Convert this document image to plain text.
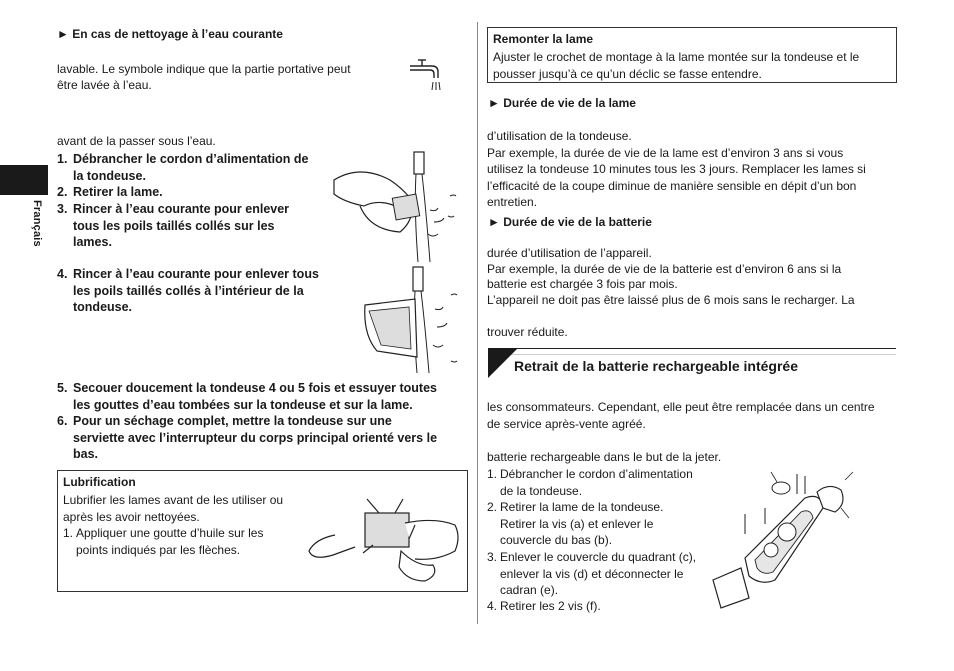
Français
► En cas de nettoyage à l’eau courante
lavable. Le symbole indique que la partie portative peut
être lavée à l’eau.
avant de la passer sous l’eau.
1. Débrancher le cordon d’alimentation de
la tondeuse.
2. Retirer la lame.
3. Rincer à l’eau courante pour enlever
tous les poils taillés collés sur les
lames.
4. Rincer à l’eau courante pour enlever tous
les poils taillés collés à l’intérieur de la
tondeuse.
5. Secouer doucement la tondeuse 4 ou 5 fois et essuyer toutes
les gouttes d’eau tombées sur la tondeuse et sur la lame.
6. Pour un séchage complet, mettre la tondeuse sur une
serviette avec l’interrupteur du corps principal orienté vers le
bas.
Lubrification
Lubrifier les lames avant de les utiliser ou
après les avoir nettoyées.
1. Appliquer une goutte d’huile sur les
points indiqués par les flèches.
Remonter la lame
Ajuster le crochet de montage à la lame montée sur la tondeuse et le
pousser jusqu’à ce qu’un déclic se fasse entendre.
► Durée de vie de la lame
d’utilisation de la tondeuse.
Par exemple, la durée de vie de la lame est d’environ 3 ans si vous
utilisez la tondeuse 10 minutes tous les 3 jours. Remplacer les lames si
l’efficacité de la coupe diminue de manière sensible en dépit d’un bon
entretien.
► Durée de vie de la batterie
durée d’utilisation de l’appareil.
Par exemple, la durée de vie de la batterie est d’environ 6 ans si la
batterie est chargée 3 fois par mois.
L’appareil ne doit pas être laissé plus de 6 mois sans le recharger. La
trouver réduite.
Retrait de la batterie rechargeable intégrée
les consommateurs. Cependant, elle peut être remplacée dans un centre
de service après-vente agréé.
batterie rechargeable dans le but de la jeter.
1. Débrancher le cordon d’alimentation
de la tondeuse.
2. Retirer la lame de la tondeuse.
Retirer la vis (a) et enlever le
couvercle du bas (b).
3. Enlever le couvercle du quadrant (c),
enlever la vis (d) et déconnecter le
cadran (e).
4. Retirer les 2 vis (f).
